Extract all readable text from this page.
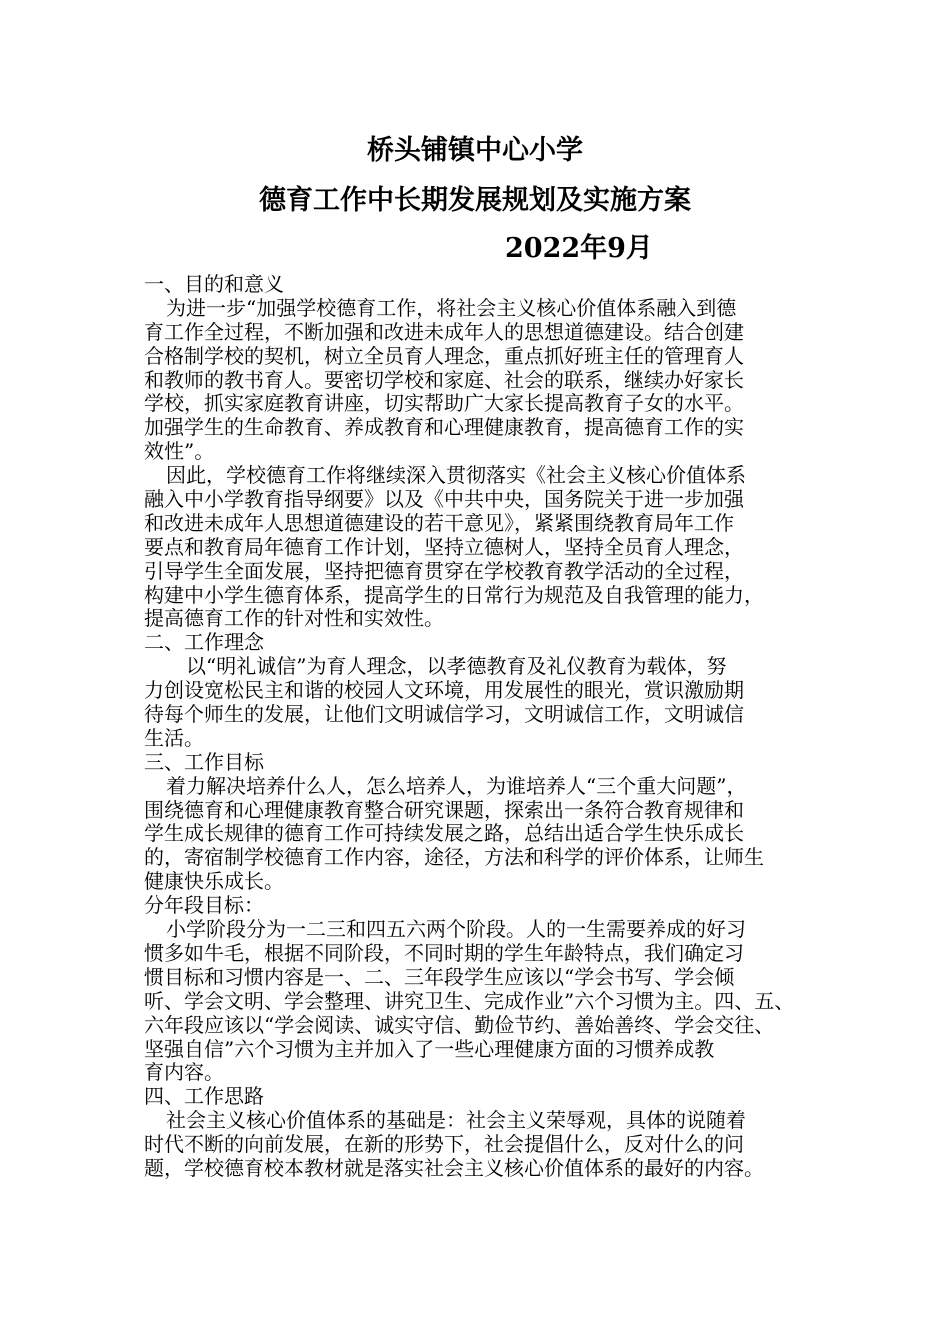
桥头铺镇中心小学
德育工作中长期发展规划及实施方案
2022年9月
一、目的和意义
为进一步“加强学校德育工作，将社会主义核心价值体系融入到德
育工作全过程，不断加强和改进未成年人的思想道德建设。结合创建
合格制学校的契机，树立全员育人理念，重点抓好班主任的管理育人
和教师的教书育人。要密切学校和家庭、社会的联系，继续办好家长
学校，抓实家庭教育讲座，切实帮助广大家长提高教育子女的水平。
加强学生的生命教育、养成教育和心理健康教育，提高德育工作的实
效性”。
因此，学校德育工作将继续深入贯彻落实《社会主义核心价值体系
融入中小学教育指导纲要》以及《中共中央，国务院关于进一步加强
和改进未成年人思想道德建设的若干意见》，紧紧围绕教育局年工作
要点和教育局年德育工作计划，坚持立德树人，坚持全员育人理念，
引导学生全面发展，坚持把德育贯穿在学校教育教学活动的全过程，
构建中小学生德育体系，提高学生的日常行为规范及自我管理的能力，
提高德育工作的针对性和实效性。
二、工作理念
以“明礼诚信”为育人理念，以孝德教育及礼仪教育为载体，努
力创设宽松民主和谐的校园人文环境，用发展性的眼光，赏识激励期
待每个师生的发展，让他们文明诚信学习，文明诚信工作，文明诚信
生活。
三、工作目标
着力解决培养什么人，怎么培养人，为谁培养人“三个重大问题”，
围绕德育和心理健康教育整合研究课题，探索出一条符合教育规律和
学生成长规律的德育工作可持续发展之路，总结出适合学生快乐成长
的，寄宿制学校德育工作内容，途径，方法和科学的评价体系，让师生
健康快乐成长。
分年段目标：
小学阶段分为一二三和四五六两个阶段。人的一生需要养成的好习
惯多如牛毛，根据不同阶段，不同时期的学生年龄特点，我们确定习
惯目标和习惯内容是一、二、三年段学生应该以“学会书写、学会倾
听、学会文明、学会整理、讲究卫生、完成作业”六个习惯为主。四、五、
六年段应该以“学会阅读、诚实守信、勤俭节约、善始善终、学会交往、
坚强自信”六个习惯为主并加入了一些心理健康方面的习惯养成教
育内容。
四、工作思路
社会主义核心价值体系的基础是：社会主义荣辱观，具体的说随着
时代不断的向前发展，在新的形势下，社会提倡什么，反对什么的问
题，学校德育校本教材就是落实社会主义核心价值体系的最好的内容。
